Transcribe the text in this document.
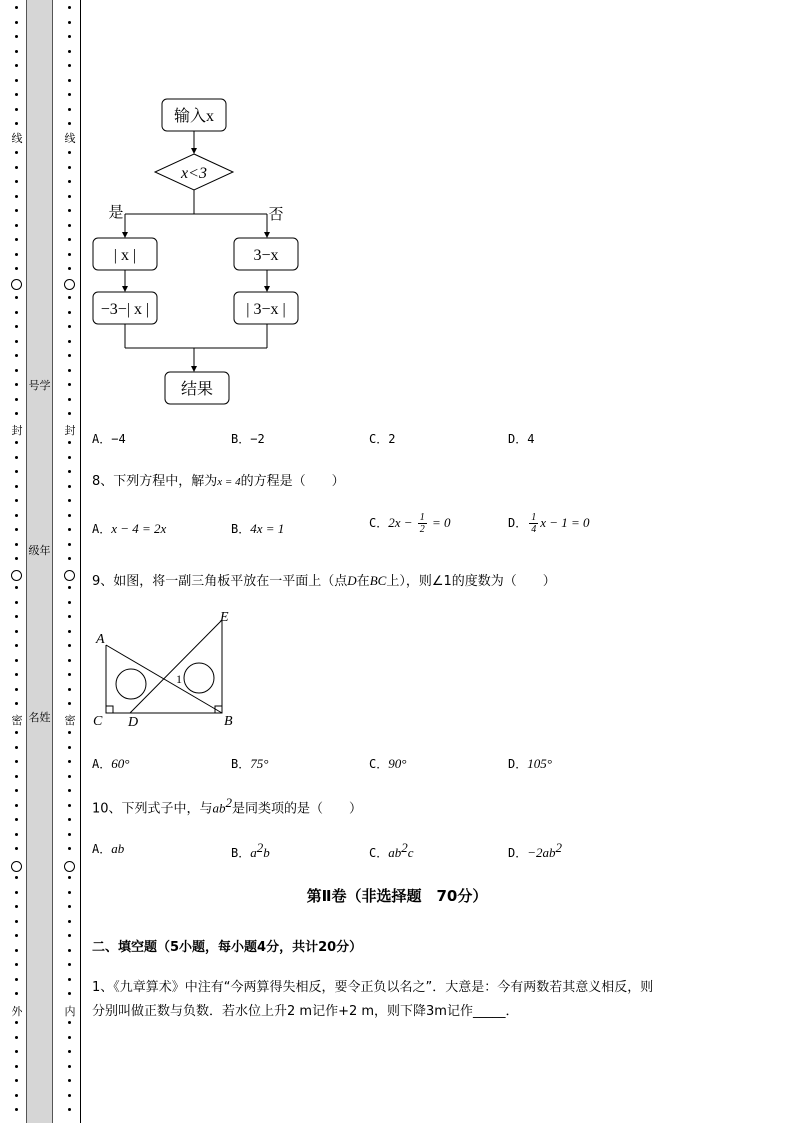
线
封
密
外
线
封
密
内
号学
级年
名姓
输入x
x<3
是	否
| x |	3−x
−3−| x |	| 3−x |
结果
A．−4	B．−2	C．2	D．4
8、下列方程中，解为x = 4的方程是（　　）
A．x − 4 = 2x	B．4x = 1	C．$2x - \frac{1}{2} = 0$	D． $\frac{1}{4}$ x − 1 = 0
9、如图，将一副三角板平放在一平面上（点D在BC上），则∠1的度数为（　　）
A
B
C D
E
1
A．60°	B．75°	C．90°	D．105°
10、下列式子中，与$ab^2$是同类项的是（　　）
A．ab	B．$a^2b$	C．$ab^2c$	D．$-2ab^2$
第Ⅱ卷（非选择题　70分）
二、填空题（5小题，每小题4分，共计20分）
1、《九章算术》中注有“今两算得失相反，要令正负以名之”．大意是：今有两数若其意义相反，则
分别叫做正数与负数．若水位上升2 m记作+2 m，则下降3m记作_____．
